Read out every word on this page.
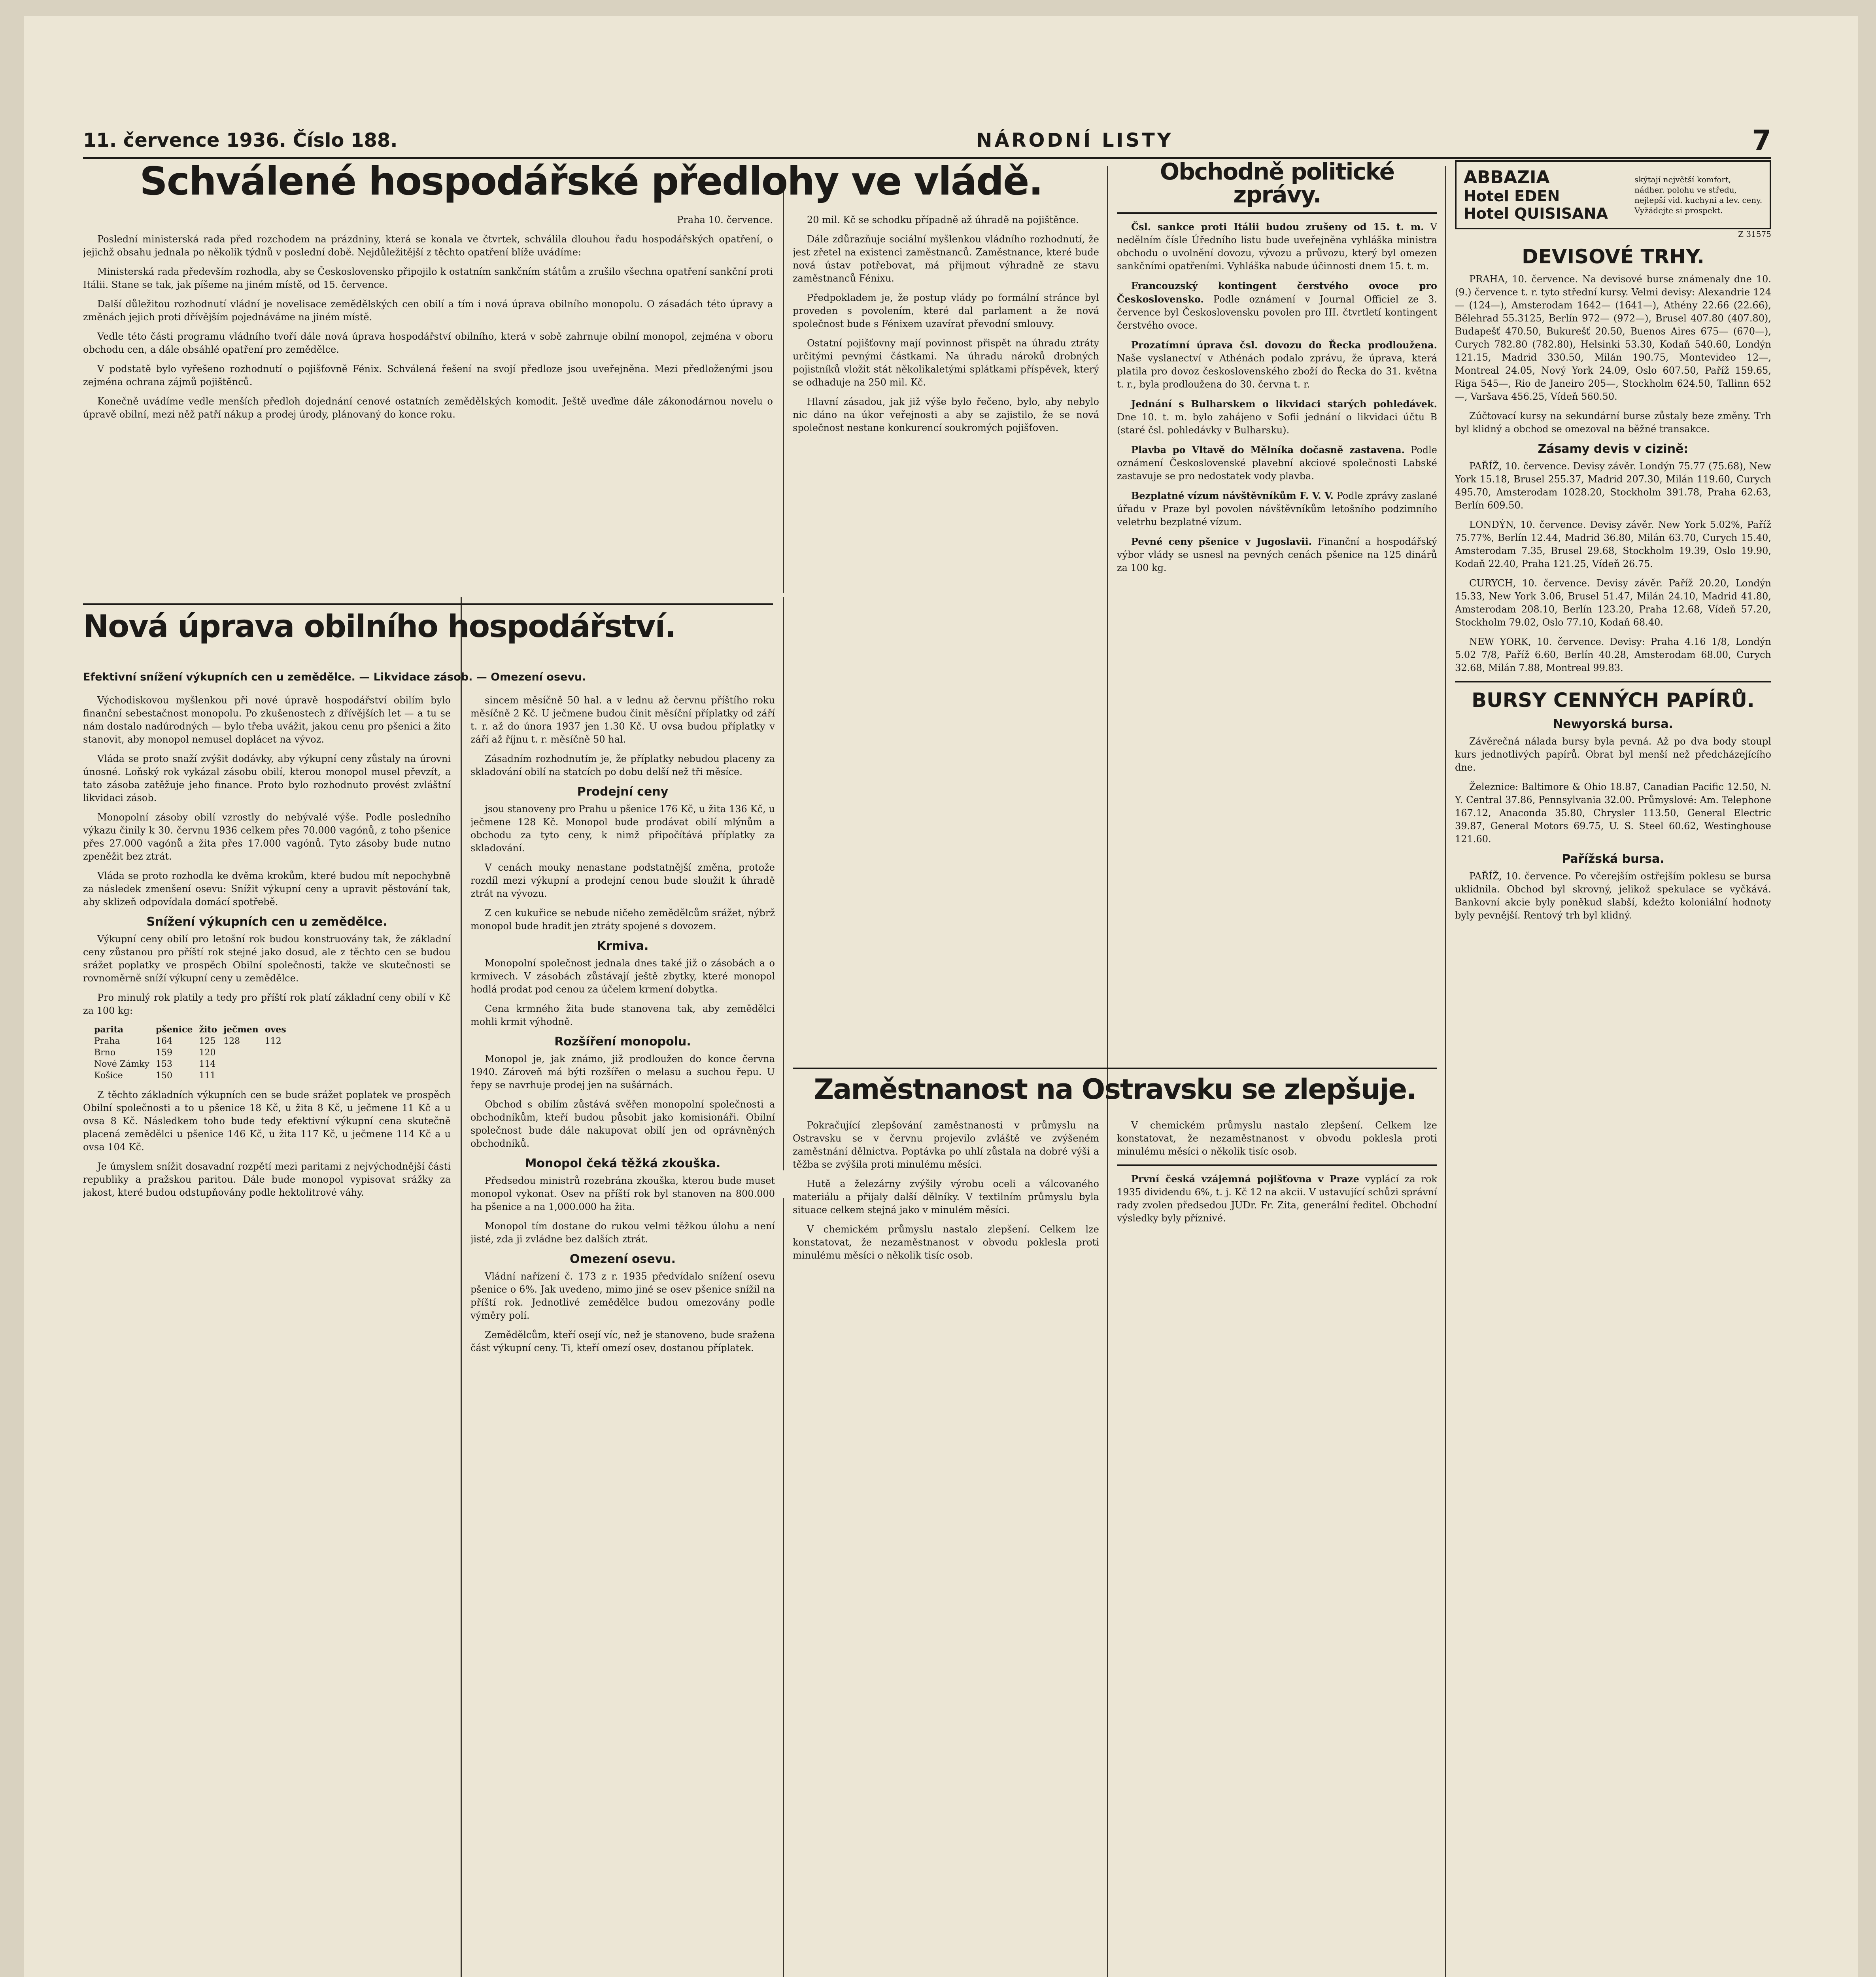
11. července 1936. Číslo 188.	NÁRODNÍ LISTY	7
Schválené hospodářské předlohy ve vládě.

Praha 10. července.

Poslední ministerská rada před rozchodem na prázdniny, která se konala ve čtvrtek, schválila dlouhou řadu hospodářských opatření, o jejichž obsahu jednala po několik týdnů v poslední době. Nejdůležitější z těchto opatření blíže uvádíme:

Ministerská rada především rozhodla, aby se Československo připojilo k ostatním sankčním státům a zrušilo všechna opatření sankční proti Itálii. Stane se tak, jak píšeme na jiném místě, od 15. července.

Další důležitou rozhodnutí vládní je novelisace zemědělských cen obilí a tím i nová úprava obilního monopolu. O zásadách této úpravy a změnách jejich proti dřívějším pojednáváme na jiném místě.

Vedle této části programu vládního tvoří dále nová úprava hospodářství obilního, která v sobě zahrnuje obilní monopol, zejména v oboru obchodu cen, a dále obsáhlé opatření pro zemědělce.

V podstatě bylo vyřešeno rozhodnutí o pojišťovně Fénix. Schválená řešení na svojí předloze jsou uveřejněna. Mezi předloženými jsou zejména ochrana zájmů pojištěnců.

Konečně uvádíme vedle menších předloh dojednání cenové ostatních zemědělských komodit. Ještě uveďme dále zákonodárnou novelu o úpravě obilní, mezi něž patří nákup a prodej úrody, plánovaný do konce roku.

20 mil. Kč se schodku případně až úhradě na pojištěnce.

Dále zdůrazňuje sociální myšlenkou vládního rozhodnutí, že jest zřetel na existenci zaměstnanců. Zaměstnance, které bude nová ústav potřebovat, má přijmout výhradně ze stavu zaměstnanců Fénixu.

Předpokladem je, že postup vlády po formální stránce byl proveden s povolením, které dal parlament a že nová společnost bude s Fénixem uzavírat převodní smlouvy.

Ostatní pojišťovny mají povinnost přispět na úhradu ztráty určitými pevnými částkami. Na úhradu nároků drobných pojistníků vložit stát několikaletými splátkami příspěvek, který se odhaduje na 250 mil. Kč.

Hlavní zásadou, jak již výše bylo řečeno, bylo, aby nebylo nic dáno na úkor veřejnosti a aby se zajistilo, že se nová společnost nestane konkurencí soukromých pojišťoven.

Nová úprava obilního hospodářství.

Efektivní snížení výkupních cen u zemědělce. — Likvidace zásob. — Omezení osevu.

Východiskovou myšlenkou při nové úpravě hospodářství obilím bylo finanční sebestačnost monopolu. Po zkušenostech z dřívějších let — a tu se nám dostalo nadúrodných — bylo třeba uvážit, jakou cenu pro pšenici a žito stanovit, aby monopol nemusel doplácet na vývoz.

Vláda se proto snaží zvýšit dodávky, aby výkupní ceny zůstaly na úrovni únosné. Loňský rok vykázal zásobu obilí, kterou monopol musel převzít, a tato zásoba zatěžuje jeho finance. Proto bylo rozhodnuto provést zvláštní likvidaci zásob.

Monopolní zásoby obilí vzrostly do nebývalé výše. Podle posledního výkazu činily k 30. červnu 1936 celkem přes 70.000 vagónů, z toho pšenice přes 27.000 vagónů a žita přes 17.000 vagónů. Tyto zásoby bude nutno zpeněžit bez ztrát.

Vláda se proto rozhodla ke dvěma krokům, které budou mít nepochybně za následek zmenšení osevu: Snížit výkupní ceny a upravit pěstování tak, aby sklizeň odpovídala domácí spotřebě.

Snížení výkupních cen u zemědělce.

Výkupní ceny obilí pro letošní rok budou konstruovány tak, že základní ceny zůstanou pro příští rok stejné jako dosud, ale z těchto cen se budou srážet poplatky ve prospěch Obilní společnosti, takže ve skutečnosti se rovnoměrně sníží výkupní ceny u zemědělce.

Pro minulý rok platily a tedy pro příští rok platí základní ceny obilí v Kč za 100 kg:

parita	pšenice	žito	ječmen	oves
Praha	164	125	128	112
Brno	159	120		
Nové Zámky	153	114		
Košice	150	111		

Z těchto základních výkupních cen se bude srážet poplatek ve prospěch Obilní společnosti a to u pšenice 18 Kč, u žita 8 Kč, u ječmene 11 Kč a u ovsa 8 Kč. Následkem toho bude tedy efektivní výkupní cena skutečně placená zemědělci u pšenice 146 Kč, u žita 117 Kč, u ječmene 114 Kč a u ovsa 104 Kč.

Je úmyslem snížit dosavadní rozpětí mezi paritami z nejvýchodnější části republiky a pražskou paritou. Dále bude monopol vypisovat srážky za jakost, které budou odstupňovány podle hektolitrové váhy.

sincem měsíčně 50 hal. a v lednu až červnu příštího roku měsíčně 2 Kč. U ječmene budou činit měsíční příplatky od září t. r. až do února 1937 jen 1.30 Kč. U ovsa budou příplatky v září až říjnu t. r. měsíčně 50 hal.

Zásadním rozhodnutím je, že příplatky nebudou placeny za skladování obilí na statcích po dobu delší než tři měsíce.

Prodejní ceny

jsou stanoveny pro Prahu u pšenice 176 Kč, u žita 136 Kč, u ječmene 128 Kč. Monopol bude prodávat obilí mlýnům a obchodu za tyto ceny, k nimž připočítává příplatky za skladování.

V cenách mouky nenastane podstatnější změna, protože rozdíl mezi výkupní a prodejní cenou bude sloužit k úhradě ztrát na vývozu.

Z cen kukuřice se nebude ničeho zemědělcům srážet, nýbrž monopol bude hradit jen ztráty spojené s dovozem.

Krmiva.

Monopolní společnost jednala dnes také již o zásobách a o krmivech. V zásobách zůstávají ještě zbytky, které monopol hodlá prodat pod cenou za účelem krmení dobytka.

Cena krmného žita bude stanovena tak, aby zemědělci mohli krmit výhodně.

Rozšíření monopolu.

Monopol je, jak známo, již prodloužen do konce června 1940. Zároveň má býti rozšířen o melasu a suchou řepu. U řepy se navrhuje prodej jen na sušárnách.

Obchod s obilím zůstává svěřen monopolní společnosti a obchodníkům, kteří budou působit jako komisionáři. Obilní společnost bude dále nakupovat obilí jen od oprávněných obchodníků.

Monopol čeká těžká zkouška.

Předsedou ministrů rozebrána zkouška, kterou bude muset monopol vykonat. Osev na příští rok byl stanoven na 800.000 ha pšenice a na 1,000.000 ha žita.

Monopol tím dostane do rukou velmi těžkou úlohu a není jisté, zda ji zvládne bez dalších ztrát.

Omezení osevu.

Vládní nařízení č. 173 z r. 1935 předvídalo snížení osevu pšenice o 6%. Jak uvedeno, mimo jiné se osev pšenice snížil na příští rok. Jednotlivé zemědělce budou omezovány podle výměry polí.

Zemědělcům, kteří osejí víc, než je stanoveno, bude sražena část výkupní ceny. Ti, kteří omezí osev, dostanou příplatek.

Obchodně politické zprávy.

Čsl. sankce proti Itálii budou zrušeny od 15. t. m. V nedělním čísle Úředního listu bude uveřejněna vyhláška ministra obchodu o uvolnění dovozu, vývozu a průvozu, který byl omezen sankčními opatřeními. Vyhláška nabude účinnosti dnem 15. t. m.

Francouzský kontingent čerstvého ovoce pro Československo. Podle oznámení v Journal Officiel ze 3. července byl Československu povolen pro III. čtvrtletí kontingent čerstvého ovoce.

Prozatímní úprava čsl. dovozu do Řecka prodloužena. Naše vyslanectví v Athénách podalo zprávu, že úprava, která platila pro dovoz československého zboží do Řecka do 31. května t. r., byla prodloužena do 30. června t. r.

Jednání s Bulharskem o likvidaci starých pohledávek. Dne 10. t. m. bylo zahájeno v Sofii jednání o likvidaci účtu B (staré čsl. pohledávky v Bulharsku).

Plavba po Vltavě do Mělníka dočasně zastavena. Podle oznámení Československé plavební akciové společnosti Labské zastavuje se pro nedostatek vody plavba.

Bezplatné vízum návštěvníkům F. V. V. Podle zprávy zaslané úřadu v Praze byl povolen návštěvníkům letošního podzimního veletrhu bezplatné vízum.

Pevné ceny pšenice v Jugoslavii. Finanční a hospodářský výbor vlády se usnesl na pevných cenách pšenice na 125 dinárů za 100 kg.

Zaměstnanost na Ostravsku se zlepšuje.

Pokračující zlepšování zaměstnanosti v průmyslu na Ostravsku se v červnu projevilo zvláště ve zvýšeném zaměstnání dělnictva. Poptávka po uhlí zůstala na dobré výši a těžba se zvýšila proti minulému měsíci.

Hutě a železárny zvýšily výrobu oceli a válcovaného materiálu a přijaly další dělníky. V textilním průmyslu byla situace celkem stejná jako v minulém měsíci.

V chemickém průmyslu nastalo zlepšení. Celkem lze konstatovat, že nezaměstnanost v obvodu poklesla proti minulému měsíci o několik tisíc osob.

V chemickém průmyslu nastalo zlepšení. Celkem lze konstatovat, že nezaměstnanost v obvodu poklesla proti minulému měsíci o několik tisíc osob.

První česká vzájemná pojišťovna v Praze vyplácí za rok 1935 dividendu 6%, t. j. Kč 12 na akcii. V ustavující schůzi správní rady zvolen předsedou JUDr. Fr. Zita, generální ředitel. Obchodní výsledky byly příznivé.

ABBAZIA
Hotel EDEN
Hotel QUISISANA
skýtají největší komfort, nádher. polohu ve středu, nejlepší vid. kuchyni a lev. ceny. Vyžádejte si prospekt.
Z 31575
DEVISOVÉ TRHY.

PRAHA, 10. července. Na devisové burse známenaly dne 10. (9.) července t. r. tyto střední kursy. Velmi devisy: Alexandrie 124— (124—), Amsterodam 1642— (1641—), Athény 22.66 (22.66), Bělehrad 55.3125, Berlín 972— (972—), Brusel 407.80 (407.80), Budapešť 470.50, Bukurešť 20.50, Buenos Aires 675— (670—), Curych 782.80 (782.80), Helsinki 53.30, Kodaň 540.60, Londýn 121.15, Madrid 330.50, Milán 190.75, Montevideo 12—, Montreal 24.05, Nový York 24.09, Oslo 607.50, Paříž 159.65, Riga 545—, Rio de Janeiro 205—, Stockholm 624.50, Tallinn 652—, Varšava 456.25, Vídeň 560.50.

Zúčtovací kursy na sekundární burse zůstaly beze změny. Trh byl klidný a obchod se omezoval na běžné transakce.

Zásamy devis v cizině:

PAŘÍŽ, 10. července. Devisy závěr. Londýn 75.77 (75.68), New York 15.18, Brusel 255.37, Madrid 207.30, Milán 119.60, Curych 495.70, Amsterodam 1028.20, Stockholm 391.78, Praha 62.63, Berlín 609.50.

LONDÝN, 10. července. Devisy závěr. New York 5.02%, Paříž 75.77%, Berlín 12.44, Madrid 36.80, Milán 63.70, Curych 15.40, Amsterodam 7.35, Brusel 29.68, Stockholm 19.39, Oslo 19.90, Kodaň 22.40, Praha 121.25, Vídeň 26.75.

CURYCH, 10. července. Devisy závěr. Paříž 20.20, Londýn 15.33, New York 3.06, Brusel 51.47, Milán 24.10, Madrid 41.80, Amsterodam 208.10, Berlín 123.20, Praha 12.68, Vídeň 57.20, Stockholm 79.02, Oslo 77.10, Kodaň 68.40.

NEW YORK, 10. července. Devisy: Praha 4.16 1/8, Londýn 5.02 7/8, Paříž 6.60, Berlín 40.28, Amsterodam 68.00, Curych 32.68, Milán 7.88, Montreal 99.83.

BURSY CENNÝCH PAPÍRŮ.
Newyorská bursa.

Závěrečná nálada bursy byla pevná. Až po dva body stoupl kurs jednotlivých papírů. Obrat byl menší než předcházejícího dne.

Železnice: Baltimore & Ohio 18.87, Canadian Pacific 12.50, N. Y. Central 37.86, Pennsylvania 32.00. Průmyslové: Am. Telephone 167.12, Anaconda 35.80, Chrysler 113.50, General Electric 39.87, General Motors 69.75, U. S. Steel 60.62, Westinghouse 121.60.

Pařížská bursa.

PAŘÍŽ, 10. července. Po včerejším ostřejším poklesu se bursa uklidnila. Obchod byl skrovný, jelikož spekulace se vyčkává. Bankovní akcie byly poněkud slabší, kdežto koloniální hodnoty byly pevnější. Rentový trh byl klidný.
